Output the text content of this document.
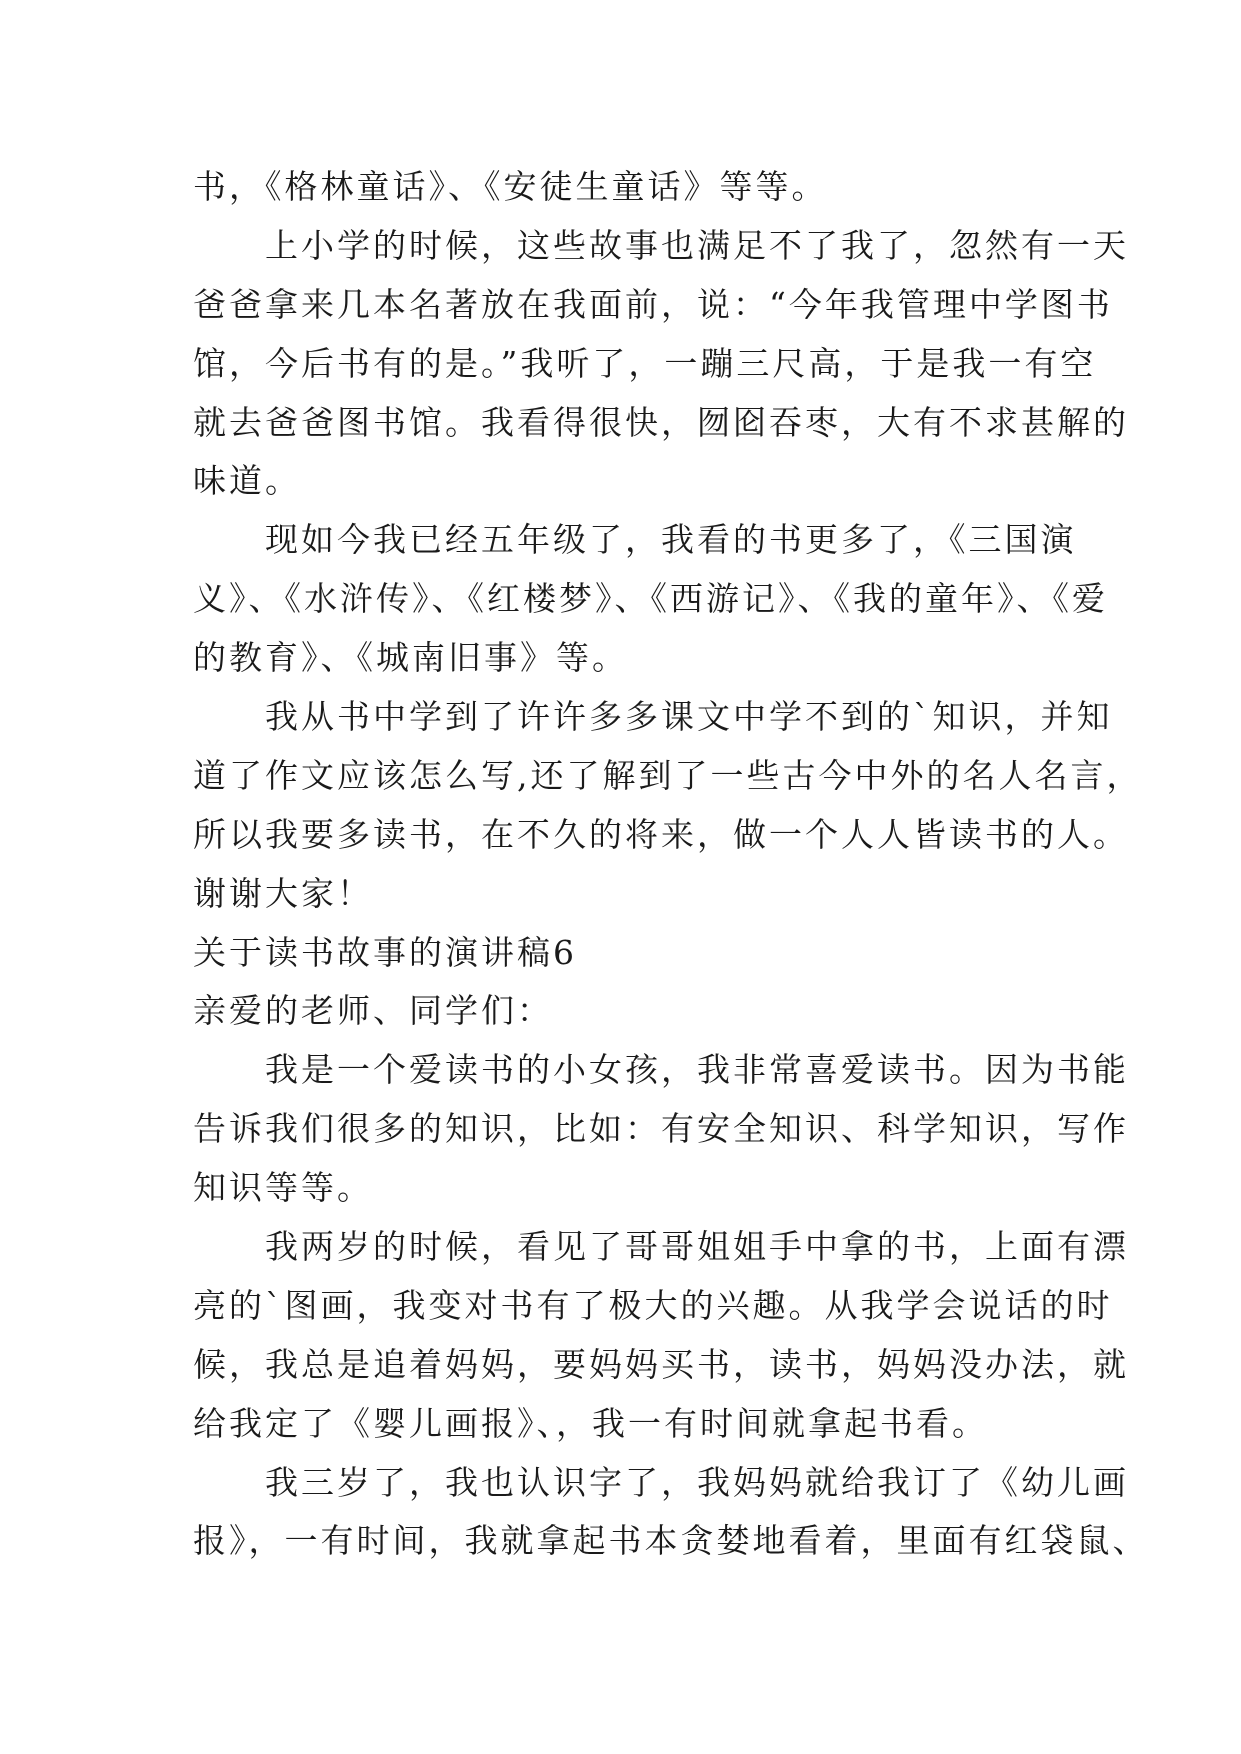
书，《格林童话》、《安徒生童话》等等。
　　上小学的时候，这些故事也满足不了我了，忽然有一天
爸爸拿来几本名著放在我面前，说：“今年我管理中学图书
馆，今后书有的是。”我听了，一蹦三尺高，于是我一有空
就去爸爸图书馆。我看得很快，囫囵吞枣，大有不求甚解的
味道。
　　现如今我已经五年级了，我看的书更多了，《三国演
义》、《水浒传》、《红楼梦》、《西游记》、《我的童年》、《爱
的教育》、《城南旧事》等。
　　我从书中学到了许许多多课文中学不到的`知识，并知
道了作文应该怎么写,还了解到了一些古今中外的名人名言，
所以我要多读书，在不久的将来，做一个人人皆读书的人。
谢谢大家！
关于读书故事的演讲稿6
亲爱的老师、同学们：
　　我是一个爱读书的小女孩，我非常喜爱读书。因为书能
告诉我们很多的知识，比如：有安全知识、科学知识，写作
知识等等。
　　我两岁的时候，看见了哥哥姐姐手中拿的书，上面有漂
亮的`图画，我变对书有了极大的兴趣。从我学会说话的时
候，我总是追着妈妈，要妈妈买书，读书，妈妈没办法，就
给我定了《婴儿画报》、，我一有时间就拿起书看。
　　我三岁了，我也认识字了，我妈妈就给我订了《幼儿画
报》，一有时间，我就拿起书本贪婪地看着，里面有红袋鼠、
